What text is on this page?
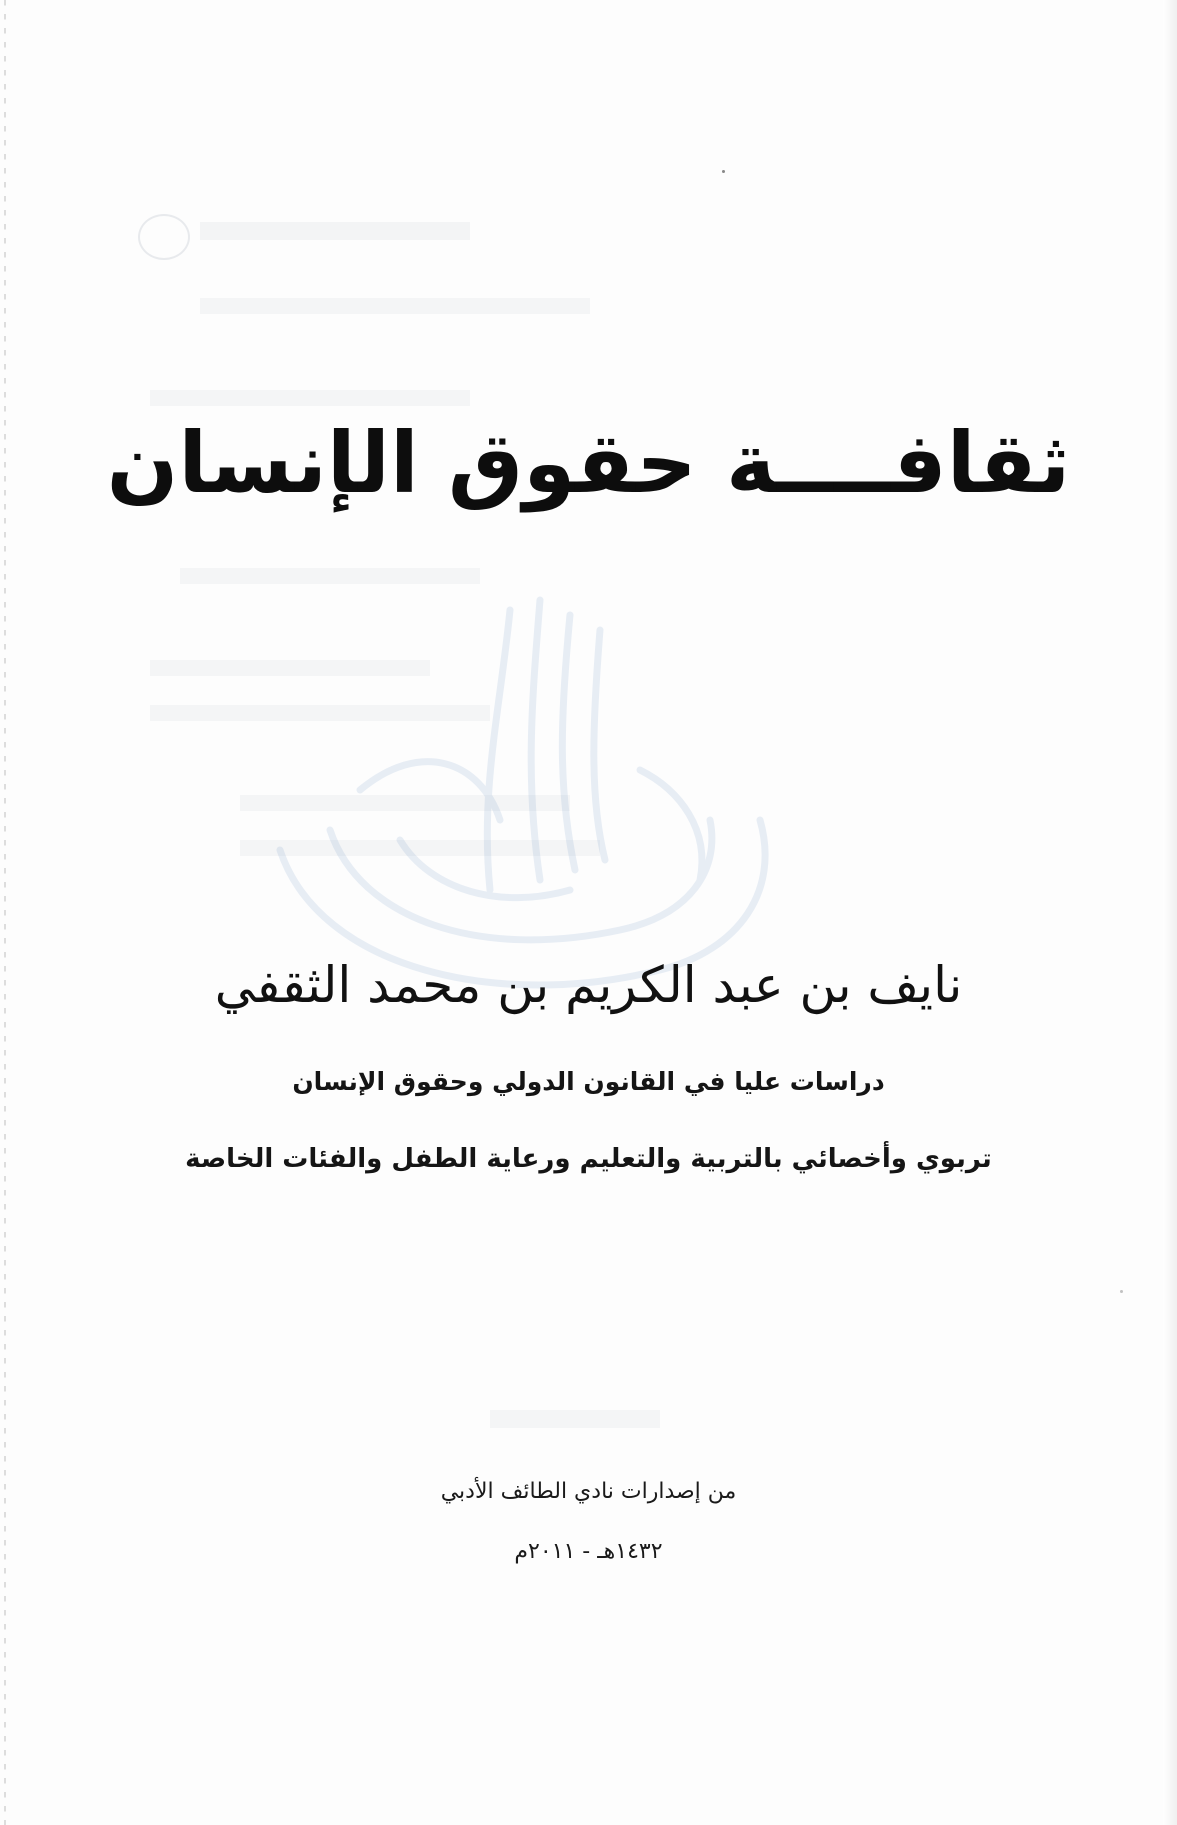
ثقافــــة حقوق الإنسان
نايف بن عبد الكريم بن محمد الثقفي
دراسات عليا في القانون الدولي وحقوق الإنسان
تربوي وأخصائي بالتربية والتعليم ورعاية الطفل والفئات الخاصة
من إصدارات نادي الطائف الأدبي
١٤٣٢هـ - ٢٠١١م
